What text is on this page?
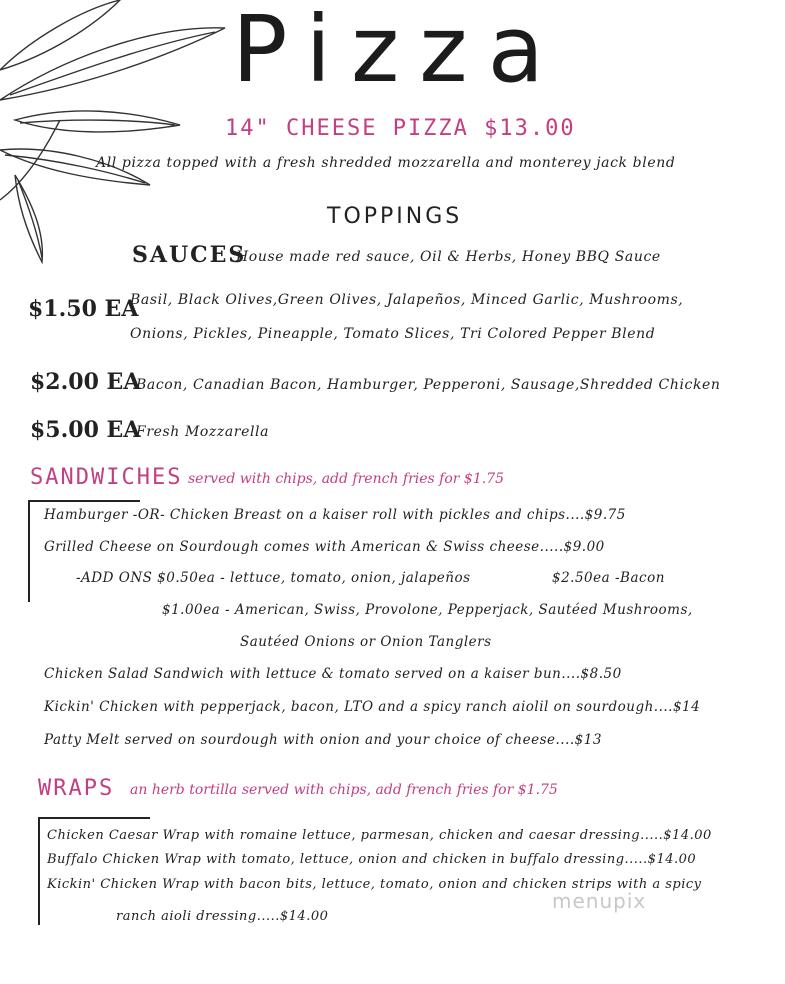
Pizza
14" CHEESE PIZZA $13.00
All pizza topped with a fresh shredded mozzarella and monterey jack blend
TOPPINGS
SAUCES
House made red sauce, Oil & Herbs, Honey BBQ Sauce
$1.50 EA
Basil, Black Olives,Green Olives, Jalapeños, Minced Garlic, Mushrooms,
Onions, Pickles, Pineapple, Tomato Slices, Tri Colored Pepper Blend
$2.00 EA
Bacon, Canadian Bacon, Hamburger, Pepperoni, Sausage,Shredded Chicken
$5.00 EA
Fresh Mozzarella
SANDWICHES served with chips, add french fries for $1.75
Hamburger -OR- Chicken Breast on a kaiser roll with pickles and chips....$9.75
Grilled Cheese on Sourdough comes with American & Swiss cheese.....$9.00
-ADD ONS $0.50ea - lettuce, tomato, onion, jalapeños	$2.50ea -Bacon
$1.00ea - American, Swiss, Provolone, Pepperjack, Sautéed Mushrooms,
Sautéed Onions or Onion Tanglers
Chicken Salad Sandwich with lettuce & tomato served on a kaiser bun....$8.50
Kickin' Chicken with pepperjack, bacon, LTO and a spicy ranch aiolil on sourdough....$14
Patty Melt served on sourdough with onion and your choice of cheese....$13
WRAPS an herb tortilla served with chips, add french fries for $1.75
Chicken Caesar Wrap with romaine lettuce, parmesan, chicken and caesar dressing.....$14.00
Buffalo Chicken Wrap with tomato, lettuce, onion and chicken in buffalo dressing.....$14.00
Kickin' Chicken Wrap with bacon bits, lettuce, tomato, onion and chicken strips with a spicy
ranch aioli dressing.....$14.00
menupix
